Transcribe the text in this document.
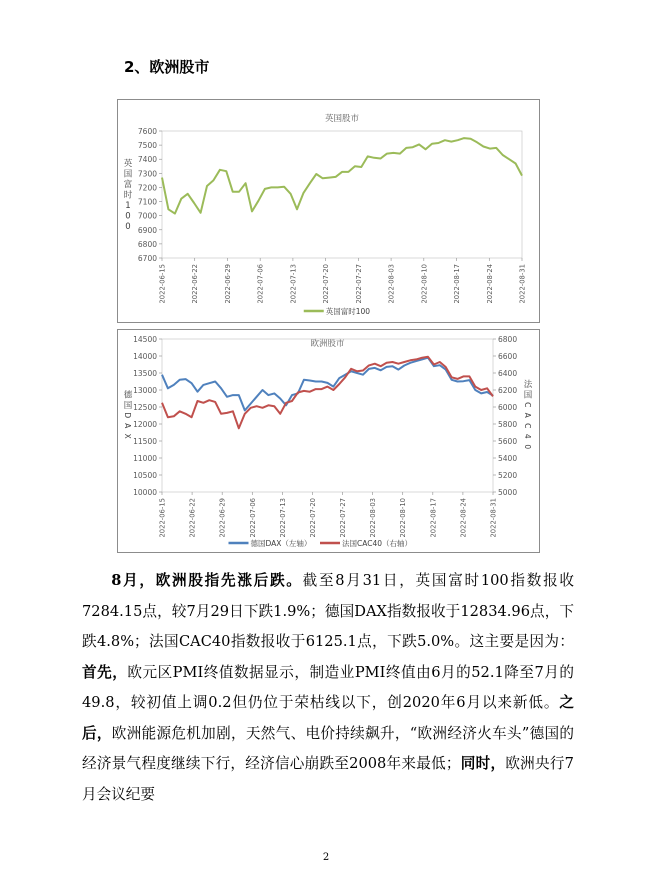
2、欧洲股市
英国股市
6700
6800
6900
7000
7100
7200
7300
7400
7500
7600
英
国
富
时
1
0
0
2022-06-15	2022-06-22	2022-06-29	2022-07-06	2022-07-13	2022-07-20	2022-07-27	2022-08-03	2022-08-10	2022-08-17	2022-08-24	2022-08-31
英国富时100
欧洲股市
10000
10500
11000
11500
12000
12500
13000
13500
14000
14500
德
国
D
A
X
5000
5200
5400
5600
5800
6000
6200
6400
6600
6800
法
国
C
A
C
4
0
2022-06-15	2022-06-22	2022-06-29	2022-07-06	2022-07-13	2022-07-20	2022-07-27	2022-08-03	2022-08-10	2022-08-17	2022-08-24	2022-08-31
德国DAX（左轴）	法国CAC40（右轴）

8月，欧洲股指先涨后跌。截至8月31日，英国富时100指数报收7284.15点，较7月29日下跌1.9%；德国DAX指数报收于12834.96点，下跌4.8%；法国CAC40指数报收于6125.1点，下跌5.0%。这主要是因为：首先，欧元区PMI终值数据显示，制造业PMI终值由6月的52.1降至7月的49.8，较初值上调0.2但仍位于荣枯线以下，创2020年6月以来新低。之后，欧洲能源危机加剧，天然气、电价持续飙升，“欧洲经济火车头”德国的经济景气程度继续下行，经济信心崩跌至2008年来最低；同时，欧洲央行7月会议纪要

2
